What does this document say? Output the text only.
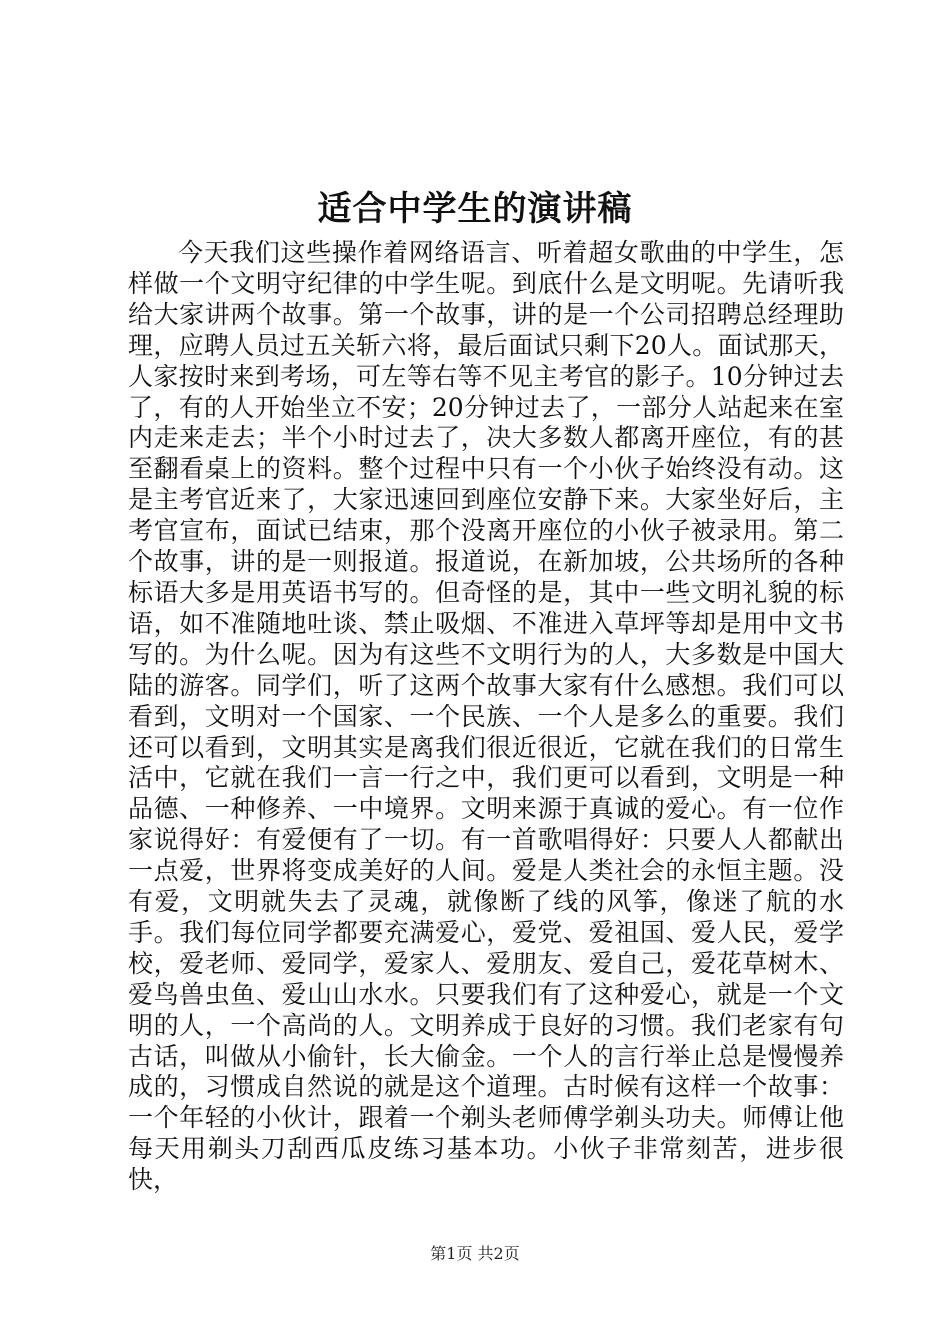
适合中学生的演讲稿

今天我们这些操作着网络语言、听着超女歌曲的中学生，怎样做一个文明守纪律的中学生呢。到底什么是文明呢。先请听我给大家讲两个故事。第一个故事，讲的是一个公司招聘总经理助理，应聘人员过五关斩六将，最后面试只剩下20人。面试那天，人家按时来到考场，可左等右等不见主考官的影子。10分钟过去了，有的人开始坐立不安；20分钟过去了，一部分人站起来在室内走来走去；半个小时过去了，决大多数人都离开座位，有的甚至翻看桌上的资料。整个过程中只有一个小伙子始终没有动。这是主考官近来了，大家迅速回到座位安静下来。大家坐好后，主考官宣布，面试已结束，那个没离开座位的小伙子被录用。第二个故事，讲的是一则报道。报道说，在新加坡，公共场所的各种标语大多是用英语书写的。但奇怪的是，其中一些文明礼貌的标语，如不准随地吐谈、禁止吸烟、不准进入草坪等却是用中文书写的。为什么呢。因为有这些不文明行为的人，大多数是中国大陆的游客。同学们，听了这两个故事大家有什么感想。我们可以看到，文明对一个国家、一个民族、一个人是多么的重要。我们还可以看到，文明其实是离我们很近很近，它就在我们的日常生活中，它就在我们一言一行之中，我们更可以看到，文明是一种品德、一种修养、一中境界。文明来源于真诚的爱心。有一位作家说得好：有爱便有了一切。有一首歌唱得好：只要人人都献出一点爱，世界将变成美好的人间。爱是人类社会的永恒主题。没有爱，文明就失去了灵魂，就像断了线的风筝，像迷了航的水手。我们每位同学都要充满爱心，爱党、爱祖国、爱人民，爱学校，爱老师、爱同学，爱家人、爱朋友、爱自己，爱花草树木、爱鸟兽虫鱼、爱山山水水。只要我们有了这种爱心，就是一个文明的人，一个高尚的人。文明养成于良好的习惯。我们老家有句古话，叫做从小偷针，长大偷金。一个人的言行举止总是慢慢养成的，习惯成自然说的就是这个道理。古时候有这样一个故事：一个年轻的小伙计，跟着一个剃头老师傅学剃头功夫。师傅让他每天用剃头刀刮西瓜皮练习基本功。小伙子非常刻苦，进步很快，

第1页 共2页
